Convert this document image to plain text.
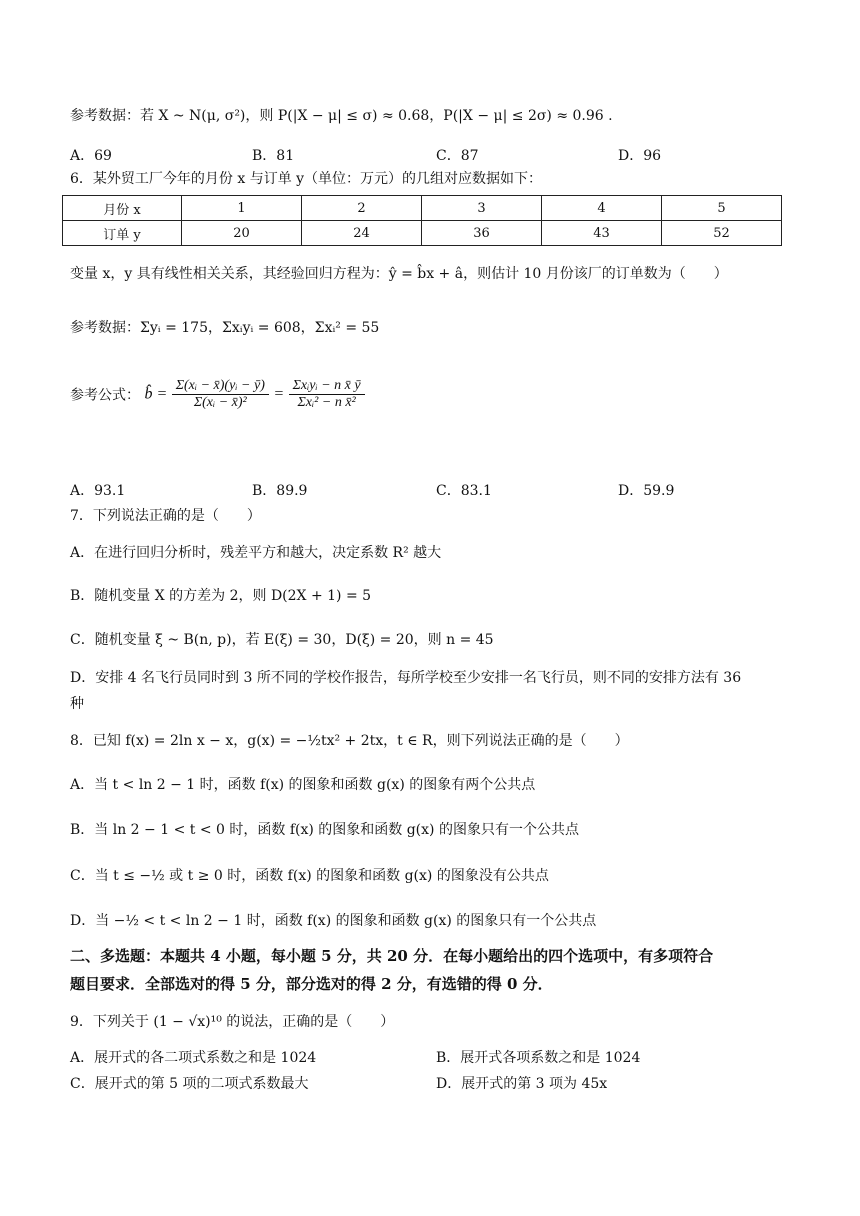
参考数据：若 X ~ N(μ, σ²)，则 P(|X − μ| ≤ σ) ≈ 0.68，P(|X − μ| ≤ 2σ) ≈ 0.96 .
A．69	B．81	C．87	D．96
6．某外贸工厂今年的月份 x 与订单 y（单位：万元）的几组对应数据如下：
月份 x	1	2	3	4	5
订单 y	20	24	36	43	52
变量 x，y 具有线性相关关系，其经验回归方程为：ŷ = b̂x + â，则估计 10 月份该厂的订单数为（　　）
参考数据：Σyᵢ = 175，Σxᵢyᵢ = 608，Σxᵢ² = 55
参考公式： b̂ = $\frac{\text{Σ(xᵢ − x̄)(yᵢ − ȳ)}}{\text{Σ(xᵢ − x̄)²}} = \frac{\text{Σxᵢyᵢ − n x̄ ȳ}}{\text{Σxᵢ² − n x̄²}}$
A．93.1	B．89.9	C．83.1	D．59.9
7．下列说法正确的是（　　）
A．在进行回归分析时，残差平方和越大，决定系数 R² 越大
B．随机变量 X 的方差为 2，则 D(2X + 1) = 5
C．随机变量 ξ ~ B(n, p)，若 E(ξ) = 30，D(ξ) = 20，则 n = 45
D．安排 4 名飞行员同时到 3 所不同的学校作报告，每所学校至少安排一名飞行员，则不同的安排方法有 36
种
8．已知 f(x) = 2ln x − x，g(x) = −½tx² + 2tx，t ∈ R，则下列说法正确的是（　　）
A．当 t < ln 2 − 1 时，函数 f(x) 的图象和函数 g(x) 的图象有两个公共点
B．当 ln 2 − 1 < t < 0 时，函数 f(x) 的图象和函数 g(x) 的图象只有一个公共点
C．当 t ≤ −½ 或 t ≥ 0 时，函数 f(x) 的图象和函数 g(x) 的图象没有公共点
D．当 −½ < t < ln 2 − 1 时，函数 f(x) 的图象和函数 g(x) 的图象只有一个公共点
二、多选题：本题共 4 小题，每小题 5 分，共 20 分．在每小题给出的四个选项中，有多项符合
题目要求．全部选对的得 5 分，部分选对的得 2 分，有选错的得 0 分．
9．下列关于 (1 − √x)¹⁰ 的说法，正确的是（　　）
A．展开式的各二项式系数之和是 1024	B．展开式各项系数之和是 1024
C．展开式的第 5 项的二项式系数最大	D．展开式的第 3 项为 45x
